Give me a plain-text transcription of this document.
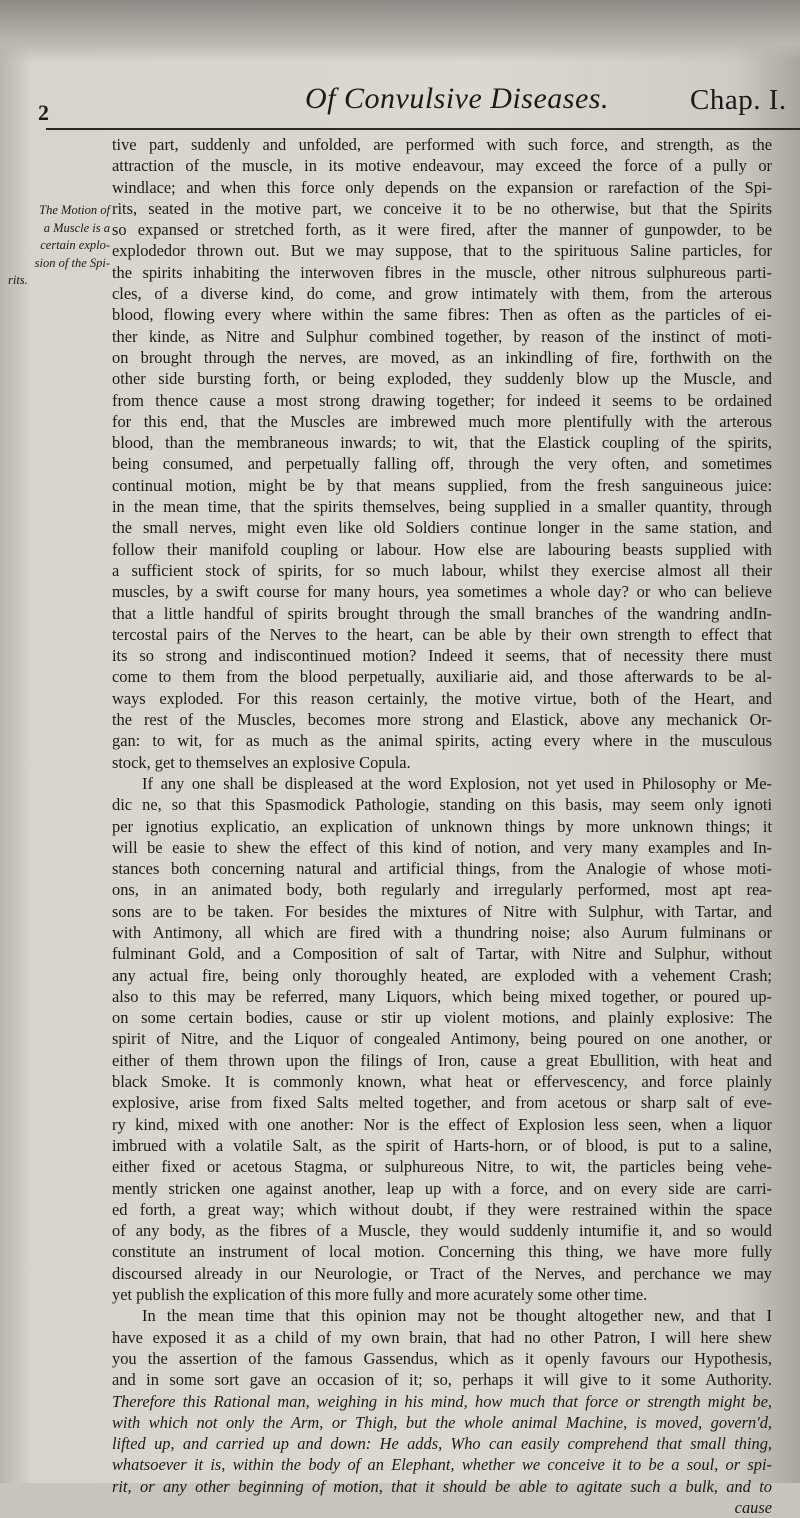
2	Of Convulsive Diseases.	Chap. I.
The Motion of
a Muscle is a
certain explo-
sion of the Spi-
rits.
tive part, suddenly and unfolded, are performed with such force, and strength, as the
attraction of the muscle, in its motive endeavour, may exceed the force of a pully or
windlace; and when this force only depends on the expansion or rarefaction of the Spi-
rits, seated in the motive part, we conceive it to be no otherwise, but that the Spirits
so expansed or stretched forth, as it were fired, after the manner of gunpowder, to be
explodedor thrown out. But we may suppose, that to the spirituous Saline particles, for
the spirits inhabiting the interwoven fibres in the muscle, other nitrous sulphureous parti-
cles, of a diverse kind, do come, and grow intimately with them, from the arterous
blood, flowing every where within the same fibres: Then as often as the particles of ei-
ther kinde, as Nitre and Sulphur combined together, by reason of the instinct of moti-
on brought through the nerves, are moved, as an inkindling of fire, forthwith on the
other side bursting forth, or being exploded, they suddenly blow up the Muscle, and
from thence cause a most strong drawing together; for indeed it seems to be ordained
for this end, that the Muscles are imbrewed much more plentifully with the arterous
blood, than the membraneous inwards; to wit, that the Elastick coupling of the spirits,
being consumed, and perpetually falling off, through the very often, and sometimes
continual motion, might be by that means supplied, from the fresh sanguineous juice:
in the mean time, that the spirits themselves, being supplied in a smaller quantity, through
the small nerves, might even like old Soldiers continue longer in the same station, and
follow their manifold coupling or labour. How else are labouring beasts supplied with
a sufficient stock of spirits, for so much labour, whilst they exercise almost all their
muscles, by a swift course for many hours, yea sometimes a whole day? or who can believe
that a little handful of spirits brought through the small branches of the wandring andIn-
tercostal pairs of the Nerves to the heart, can be able by their own strength to effect that
its so strong and indiscontinued motion? Indeed it seems, that of necessity there must
come to them from the blood perpetually, auxiliarie aid, and those afterwards to be al-
ways exploded. For this reason certainly, the motive virtue, both of the Heart, and
the rest of the Muscles, becomes more strong and Elastick, above any mechanick Or-
gan: to wit, for as much as the animal spirits, acting every where in the musculous
stock, get to themselves an explosive Copula.
If any one shall be displeased at the word Explosion, not yet used in Philosophy or Me-
dic ne, so that this Spasmodick Pathologie, standing on this basis, may seem only ignoti
per ignotius explicatio, an explication of unknown things by more unknown things; it
will be easie to shew the effect of this kind of notion, and very many examples and In-
stances both concerning natural and artificial things, from the Analogie of whose moti-
ons, in an animated body, both regularly and irregularly performed, most apt rea-
sons are to be taken. For besides the mixtures of Nitre with Sulphur, with Tartar, and
with Antimony, all which are fired with a thundring noise; also Aurum fulminans or
fulminant Gold, and a Composition of salt of Tartar, with Nitre and Sulphur, without
any actual fire, being only thoroughly heated, are exploded with a vehement Crash;
also to this may be referred, many Liquors, which being mixed together, or poured up-
on some certain bodies, cause or stir up violent motions, and plainly explosive: The
spirit of Nitre, and the Liquor of congealed Antimony, being poured on one another, or
either of them thrown upon the filings of Iron, cause a great Ebullition, with heat and
black Smoke. It is commonly known, what heat or effervescency, and force plainly
explosive, arise from fixed Salts melted together, and from acetous or sharp salt of eve-
ry kind, mixed with one another: Nor is the effect of Explosion less seen, when a liquor
imbrued with a volatile Salt, as the spirit of Harts-horn, or of blood, is put to a saline,
either fixed or acetous Stagma, or sulphureous Nitre, to wit, the particles being vehe-
mently stricken one against another, leap up with a force, and on every side are carri-
ed forth, a great way; which without doubt, if they were restrained within the space
of any body, as the fibres of a Muscle, they would suddenly intumifie it, and so would
constitute an instrument of local motion. Concerning this thing, we have more fully
discoursed already in our Neurologie, or Tract of the Nerves, and perchance we may
yet publish the explication of this more fully and more acurately some other time.
In the mean time that this opinion may not be thought altogether new, and that I
have exposed it as a child of my own brain, that had no other Patron, I will here shew
you the assertion of the famous Gassendus, which as it openly favours our Hypothesis,
and in some sort gave an occasion of it; so, perhaps it will give to it some Authority.
Therefore this Rational man, weighing in his mind, how much that force or strength might be,
with which not only the Arm, or Thigh, but the whole animal Machine, is moved, govern'd,
lifted up, and carried up and down: He adds, Who can easily comprehend that small thing,
whatsoever it is, within the body of an Elephant, whether we conceive it to be a soul, or spi-
rit, or any other beginning of motion, that it should be able to agitate such a bulk, and to
cause
